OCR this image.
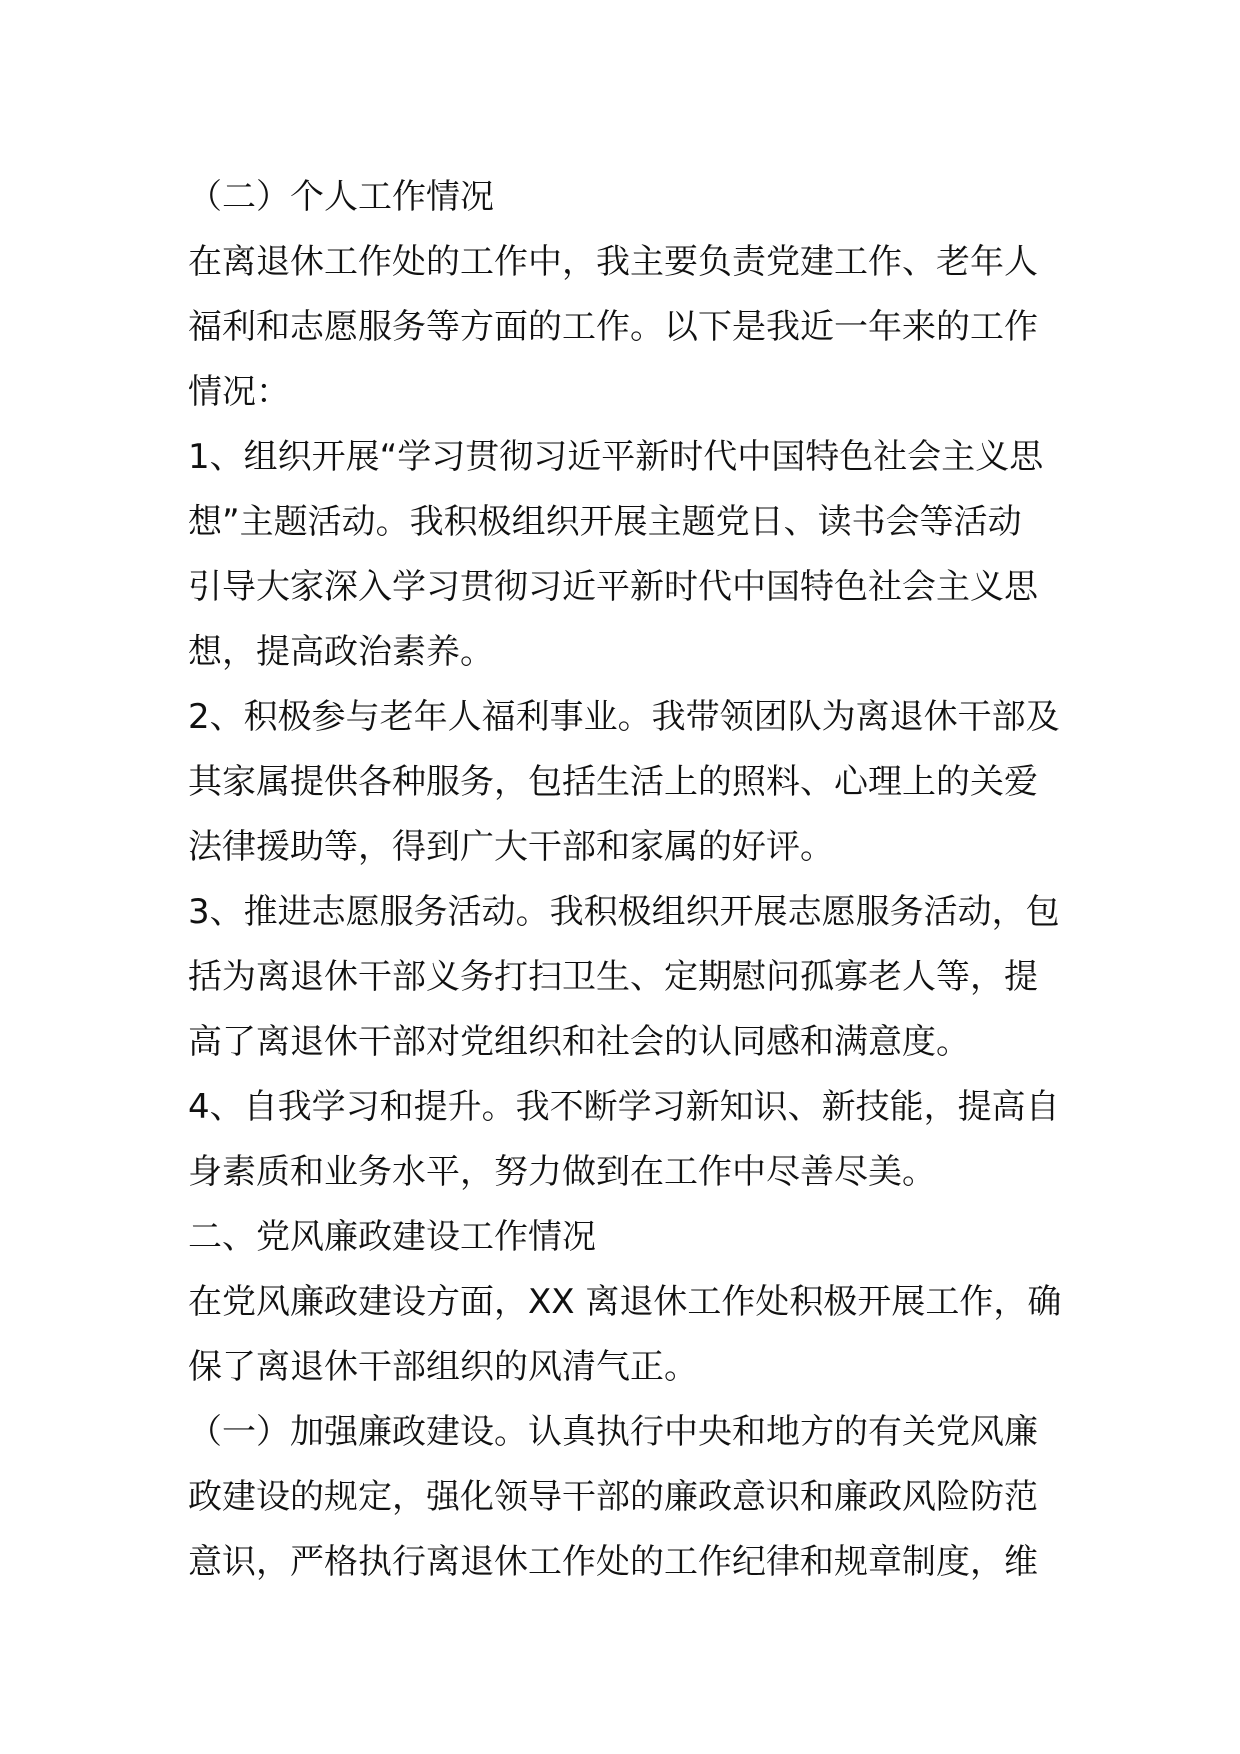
（二）个人工作情况
在离退休工作处的工作中，我主要负责党建工作、老年人
福利和志愿服务等方面的工作。以下是我近一年来的工作
情况：
1、组织开展“学习贯彻习近平新时代中国特色社会主义思
想”主题活动。我积极组织开展主题党日、读书会等活动
引导大家深入学习贯彻习近平新时代中国特色社会主义思
想，提高政治素养。
2、积极参与老年人福利事业。我带领团队为离退休干部及
其家属提供各种服务，包括生活上的照料、心理上的关爱
法律援助等，得到广大干部和家属的好评。
3、推进志愿服务活动。我积极组织开展志愿服务活动，包
括为离退休干部义务打扫卫生、定期慰问孤寡老人等，提
高了离退休干部对党组织和社会的认同感和满意度。
4、自我学习和提升。我不断学习新知识、新技能，提高自
身素质和业务水平，努力做到在工作中尽善尽美。
二、党风廉政建设工作情况
在党风廉政建设方面，XX 离退休工作处积极开展工作，确
保了离退休干部组织的风清气正。
（一）加强廉政建设。认真执行中央和地方的有关党风廉
政建设的规定，强化领导干部的廉政意识和廉政风险防范
意识，严格执行离退休工作处的工作纪律和规章制度，维
